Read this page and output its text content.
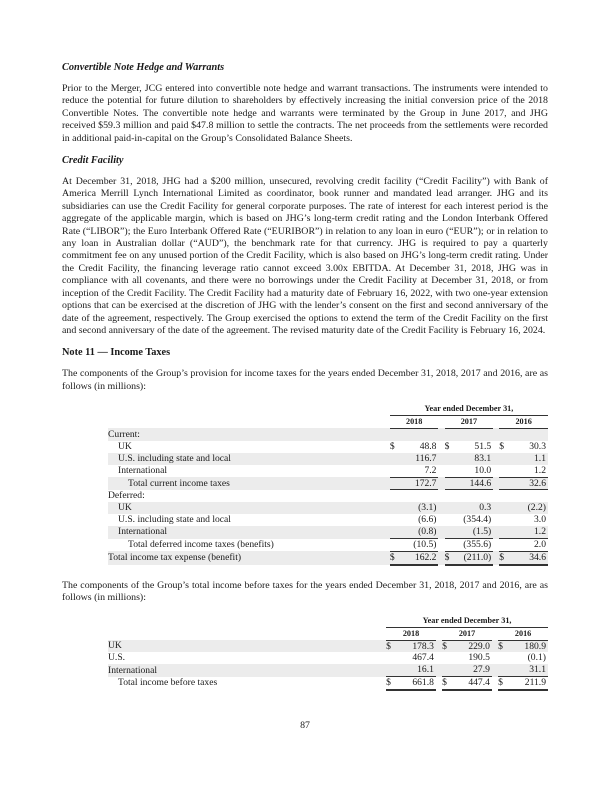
Convertible Note Hedge and Warrants

Prior to the Merger, JCG entered into convertible note hedge and warrant transactions. The instruments were intended to reduce the potential for future dilution to shareholders by effectively increasing the initial conversion price of the 2018 Convertible Notes. The convertible note hedge and warrants were terminated by the Group in June 2017, and JHG received $59.3 million and paid $47.8 million to settle the contracts. The net proceeds from the settlements were recorded in additional paid-in-capital on the Group’s Consolidated Balance Sheets.

Credit Facility

At December 31, 2018, JHG had a $200 million, unsecured, revolving credit facility (“Credit Facility”) with Bank of America Merrill Lynch International Limited as coordinator, book runner and mandated lead arranger. JHG and its subsidiaries can use the Credit Facility for general corporate purposes. The rate of interest for each interest period is the aggregate of the applicable margin, which is based on JHG’s long-term credit rating and the London Interbank Offered Rate (“LIBOR”); the Euro Interbank Offered Rate (“EURIBOR”) in relation to any loan in euro (“EUR”); or in relation to any loan in Australian dollar (“AUD”), the benchmark rate for that currency. JHG is required to pay a quarterly commitment fee on any unused portion of the Credit Facility, which is also based on JHG’s long-term credit rating. Under the Credit Facility, the financing leverage ratio cannot exceed 3.00x EBITDA. At December 31, 2018, JHG was in compliance with all covenants, and there were no borrowings under the Credit Facility at December 31, 2018, or from inception of the Credit Facility. The Credit Facility had a maturity date of February 16, 2022, with two one-year extension options that can be exercised at the discretion of JHG with the lender’s consent on the first and second anniversary of the date of the agreement, respectively. The Group exercised the options to extend the term of the Credit Facility on the first and second anniversary of the date of the agreement. The revised maturity date of the Credit Facility is February 16, 2024.

Note 11 — Income Taxes

The components of the Group’s provision for income taxes for the years ended December 31, 2018, 2017 and 2016, are as follows (in millions):

	Year ended December 31,							
	2018			2017			2016	
Current:								
UK	$	48.8		$	51.5		$	30.3
U.S. including state and local		116.7			83.1			1.1
International		7.2			10.0			1.2
Total current income taxes		172.7			144.6			32.6
Deferred:								
UK		(3.1)			0.3			(2.2)
U.S. including state and local		(6.6)			(354.4)			3.0
International		(0.8)			(1.5)			1.2
Total deferred income taxes (benefits)		(10.5)			(355.6)			2.0
Total income tax expense (benefit)	$	162.2		$	(211.0)		$	34.6

The components of the Group’s total income before taxes for the years ended December 31, 2018, 2017 and 2016, are as follows (in millions):

	Year ended December 31,							
	2018			2017			2016	
UK	$	178.3		$	229.0		$	180.9
U.S.		467.4			190.5			(0.1)
International		16.1			27.9			31.1
Total income before taxes	$	661.8		$	447.4		$	211.9
87
